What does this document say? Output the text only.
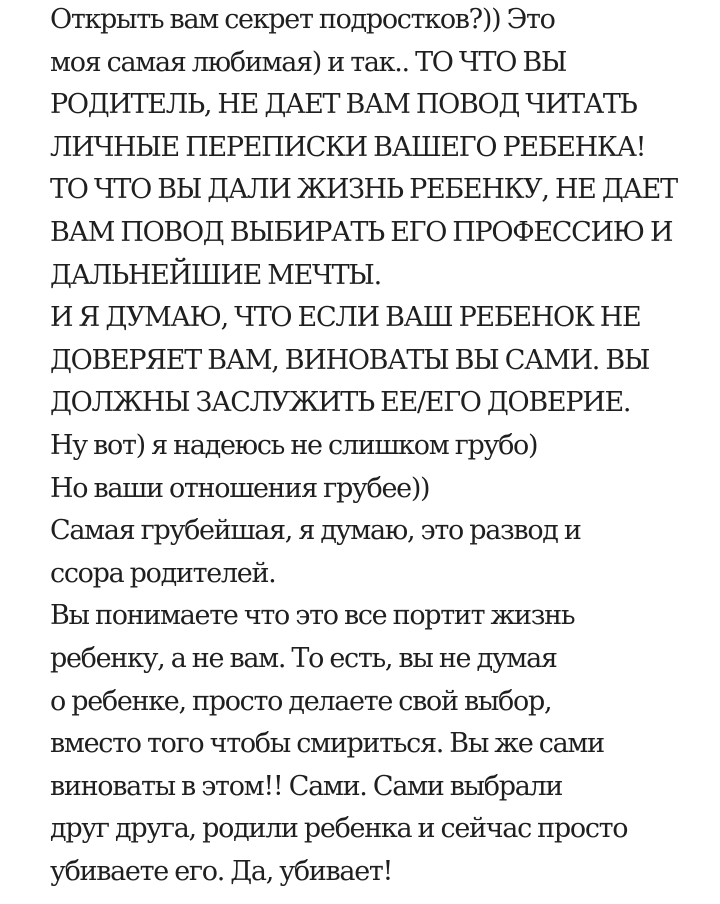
Открыть вам секрет подростков?)) Это
моя самая любимая) и так.. ТО ЧТО ВЫ
РОДИТЕЛЬ, НЕ ДАЕТ ВАМ ПОВОД ЧИТАТЬ
ЛИЧНЫЕ ПЕРЕПИСКИ ВАШЕГО РЕБЕНКА!
ТО ЧТО ВЫ ДАЛИ ЖИЗНЬ РЕБЕНКУ, НЕ ДАЕТ
ВАМ ПОВОД ВЫБИРАТЬ ЕГО ПРОФЕССИЮ И
ДАЛЬНЕЙШИЕ МЕЧТЫ.
И Я ДУМАЮ, ЧТО ЕСЛИ ВАШ РЕБЕНОК НЕ
ДОВЕРЯЕТ ВАМ, ВИНОВАТЫ ВЫ САМИ. ВЫ
ДОЛЖНЫ ЗАСЛУЖИТЬ ЕЕ/ЕГО ДОВЕРИЕ.
Ну вот) я надеюсь не слишком грубо)
Но ваши отношения грубее))
Самая грубейшая, я думаю, это развод и
ссора родителей.
Вы понимаете что это все портит жизнь
ребенку, а не вам. То есть, вы не думая
о ребенке, просто делаете свой выбор,
вместо того чтобы смириться. Вы же сами
виноваты в этом!! Сами. Сами выбрали
друг друга, родили ребенка и сейчас просто
убиваете его. Да, убивает!
